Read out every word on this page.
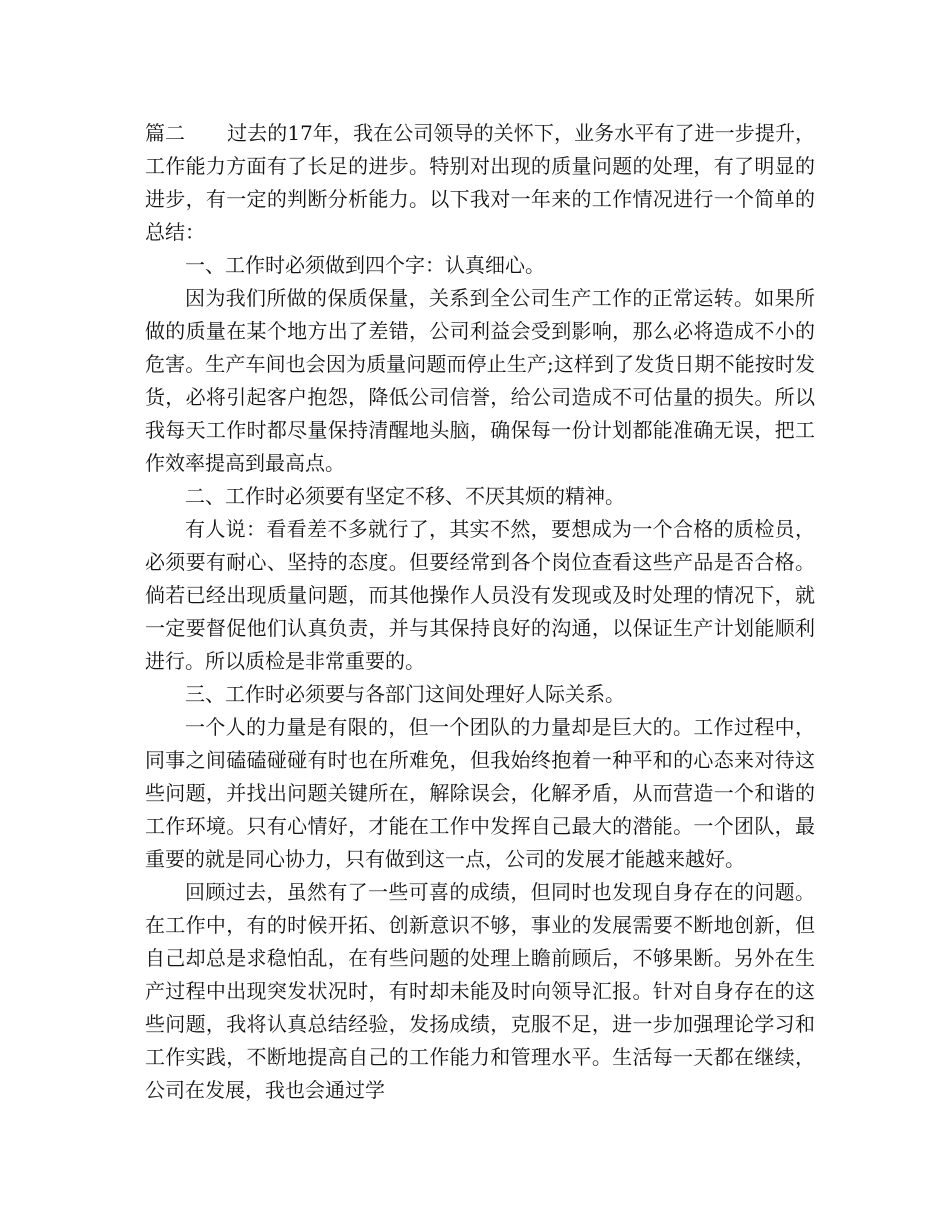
篇二 过去的17年，我在公司领导的关怀下，业务水平有了进一步提升，工作能力方面有了长足的进步。特别对出现的质量问题的处理，有了明显的进步，有一定的判断分析能力。以下我对一年来的工作情况进行一个简单的总结：

一、工作时必须做到四个字：认真细心。

因为我们所做的保质保量，关系到全公司生产工作的正常运转。如果所做的质量在某个地方出了差错，公司利益会受到影响，那么必将造成不小的危害。生产车间也会因为质量问题而停止生产;这样到了发货日期不能按时发货，必将引起客户抱怨，降低公司信誉，给公司造成不可估量的损失。所以我每天工作时都尽量保持清醒地头脑，确保每一份计划都能准确无误，把工作效率提高到最高点。

二、工作时必须要有坚定不移、不厌其烦的精神。

有人说：看看差不多就行了，其实不然，要想成为一个合格的质检员，必须要有耐心、坚持的态度。但要经常到各个岗位查看这些产品是否合格。倘若已经出现质量问题，而其他操作人员没有发现或及时处理的情况下，就一定要督促他们认真负责，并与其保持良好的沟通，以保证生产计划能顺利进行。所以质检是非常重要的。

三、工作时必须要与各部门这间处理好人际关系。

一个人的力量是有限的，但一个团队的力量却是巨大的。工作过程中，同事之间磕磕碰碰有时也在所难免，但我始终抱着一种平和的心态来对待这些问题，并找出问题关键所在，解除误会，化解矛盾，从而营造一个和谐的工作环境。只有心情好，才能在工作中发挥自己最大的潜能。一个团队，最重要的就是同心协力，只有做到这一点，公司的发展才能越来越好。

回顾过去，虽然有了一些可喜的成绩，但同时也发现自身存在的问题。在工作中，有的时候开拓、创新意识不够，事业的发展需要不断地创新，但自己却总是求稳怕乱，在有些问题的处理上瞻前顾后，不够果断。另外在生产过程中出现突发状况时，有时却未能及时向领导汇报。针对自身存在的这些问题，我将认真总结经验，发扬成绩，克服不足，进一步加强理论学习和工作实践，不断地提高自己的工作能力和管理水平。生活每一天都在继续，公司在发展，我也会通过学
